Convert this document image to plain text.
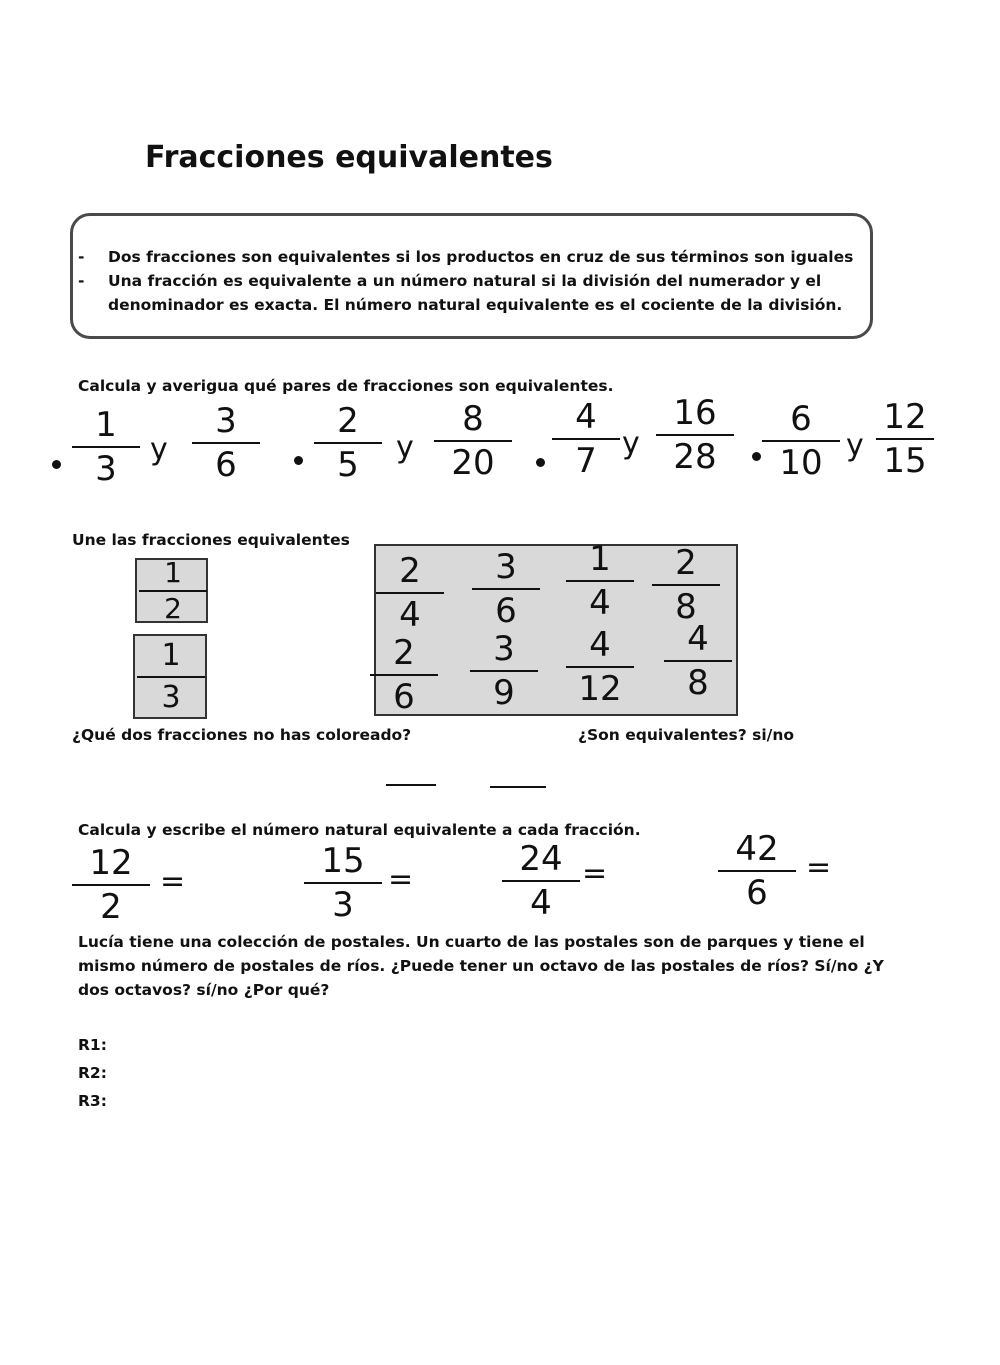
Fracciones equivalentes
- Dos fracciones son equivalentes si los productos en cruz de sus términos son iguales
- Una fracción es equivalente a un número natural si la división del numerador y el denominador es exacta. El número natural equivalente es el cociente de la división.
Calcula y averigua qué pares de fracciones son equivalentes.
1
3	y
3
6
2
5	y
8
20
4
7 y
16
28
6
10 y
12
15
Une las fracciones equivalentes
1
2
1
3
2
4
3
6
1
4
2
8
2
6
3
9
4
12
4
8
¿Qué dos fracciones no has coloreado?	¿Son equivalentes? si/no
Calcula y escribe el número natural equivalente a cada fracción.
12
2
=
15
3
=
24
4
=
42
6
=
Lucía tiene una colección de postales. Un cuarto de las postales son de parques y tiene el mismo número de postales de ríos. ¿Puede tener un octavo de las postales de ríos? Sí/no ¿Y dos octavos? sí/no ¿Por qué?
R1:
R2:
R3:
